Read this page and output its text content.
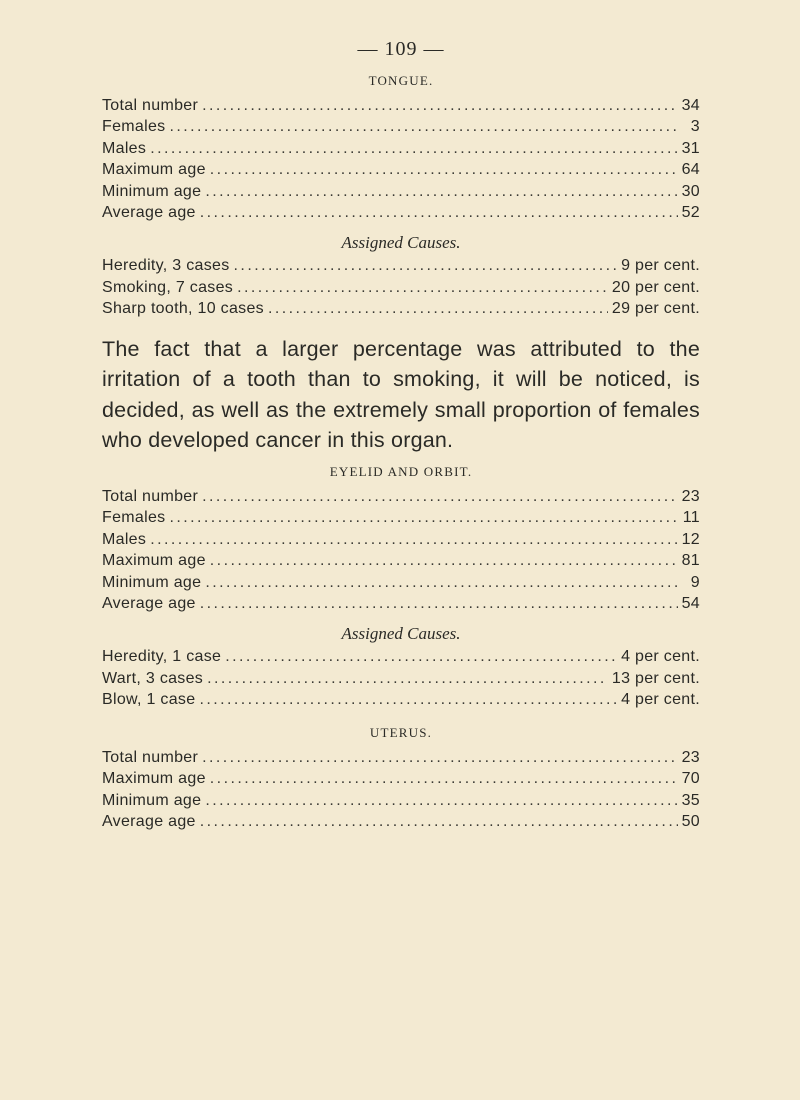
— 109 —
TONGUE.
Total number . . .	34
Females . . .	3
Males . . .	31
Maximum age . . .	64
Minimum age . . .	30
Average age . . .	52
Assigned Causes.
Heredity, 3 cases . . .	9 per cent.
Smoking, 7 cases . . .	20 per cent.
Sharp tooth, 10 cases . . .	29 per cent.

The fact that a larger percentage was attributed to the irritation of a tooth than to smoking, it will be noticed, is decided, as well as the extremely small proportion of females who developed cancer in this organ.

EYELID AND ORBIT.
Total number . . .	23
Females . . .	11
Males . . .	12
Maximum age . . .	81
Minimum age . . .	9
Average age . . .	54
Assigned Causes.
Heredity, 1 case . . .	4 per cent.
Wart, 3 cases . . .	13 per cent.
Blow, 1 case . . .	4 per cent.
UTERUS.
Total number . . .	23
Maximum age . . .	70
Minimum age . . .	35
Average age . . .	50
